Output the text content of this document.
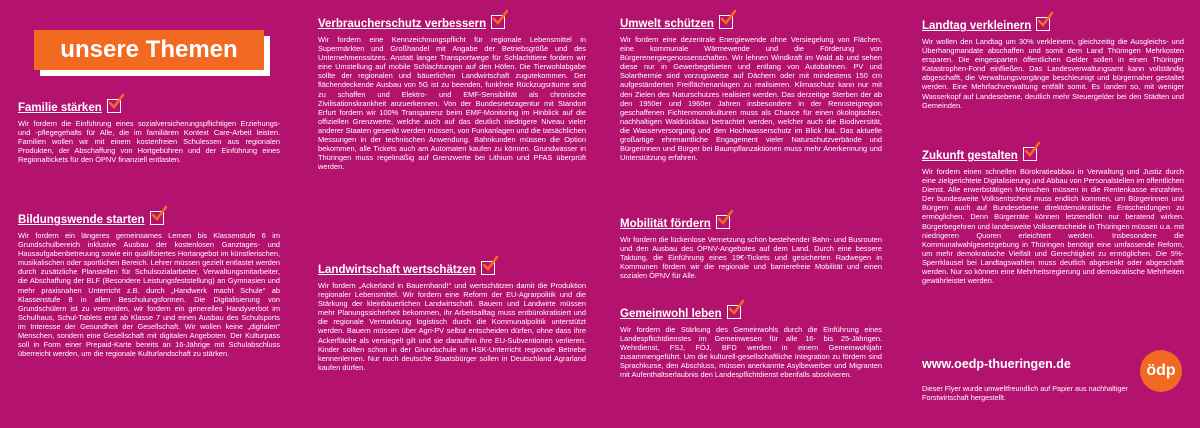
unsere Themen
Familie stärken
Wir fordern die Einführung eines sozialversicherungspflichtigen Erziehungs- und -pflegegehalts für Alle, die im familiären Kontext Care-Arbeit leisten. Familien wollen wir mit einem kostenfreien Schulessen aus regionalen Produkten, der Abschaffung von Hortgebühren und der Einführung eines Regionaltickets für den ÖPNV finanziell entlasten.
Bildungswende starten
Wir fordern ein längeres gemeinsames Lernen bis Klassenstufe 6 im Grundschulbereich inklusive Ausbau der kostenlosen Ganztages- und Hausaufgabenbetreuung sowie ein qualifiziertes Hortangebot im künstlerischen, musikalischen oder sportlichen Bereich. Lehrer müssen gezielt entlastet werden durch zusätzliche Planstellen für Schulsozialarbeiter, Verwaltungsmitarbeiter, die Abschaffung der BLF (Besondere Leistungsfeststellung) an Gymnasien und mehr praxisnahen Unterricht z.B. durch „Handwerk macht Schule“ ab Klassenstufe 8 in allen Beschulungsformen. Die Digitalisierung von Grundschülern ist zu vermeiden, wir fordern ein generelles Handyverbot im Schulhaus, Schul-Tablets erst ab Klasse 7 und einen Ausbau des Schulsports im Interesse der Gesundheit der Gesellschaft. Wir wollen keine „digitalen“ Menschen, sondern eine Gesellschaft mit digitalen Angeboten. Der Kulturpass soll in Form einer Prepaid-Karte bereits an 16-Jährige mit Schulabschluss überreicht werden, um die regionale Kulturlandschaft zu stärken.
Verbraucherschutz verbessern
Wir fordern eine Kennzeichnungspflicht für regionale Lebensmittel in Supermärkten und Großhandel mit Angabe der Betriebsgröße und des Unternehmenssitzes. Anstatt langer Transportwege für Schlachttiere fordern wir eine Umstellung auf mobile Schlachtungen auf den Höfen. Die Tierwohlabgabe sollte der regionalen und bäuerlichen Landwirtschaft zugutekommen. Der flächendeckende Ausbau von 5G ist zu beenden, funkfreie Rückzugsräume sind zu schaffen und Elektro- und EMF-Sensibilität als chronische Zivilisationskrankheit anzuerkennen. Von der Bundesnetzagentur mit Standort Erfurt fordern wir 100% Transparenz beim EMF-Monitoring im Hinblick auf die offiziellen Grenzwerte, welche auch auf das deutlich niedrigere Niveau vieler anderer Staaten gesenkt werden müssen, von Funkanlagen und die tatsächlichen Messungen in der technischen Anwendung. Bahnkunden müssen die Option bekommen, alle Tickets auch am Automaten kaufen zu können. Grundwasser in Thüringen muss regelmäßig auf Grenzwerte bei Lithium und PFAS überprüft werden.
Landwirtschaft wertschätzen
Wir fordern „Ackerland in Bauernhand!“ und wertschätzen damit die Produktion regionaler Lebensmittel. Wir fordern eine Reform der EU-Agrarpolitik und die Stärkung der kleinbäuerlichen Landwirtschaft. Bauern und Landwirte müssen mehr Planungssicherheit bekommen, ihr Arbeitsalltag muss entbürokratisiert und die regionale Vermarktung logistisch durch die Kommunalpolitik unterstützt werden. Bauern müssen über Agri-PV selbst entscheiden dürfen, ohne dass ihre Ackerfläche als versiegelt gilt und sie daraufhin ihre EU-Subventionen verlieren. Kinder sollten schon in der Grundschule im HSK-Unterricht regionale Betriebe kennenlernen. Nur noch deutsche Staatsbürger sollen in Deutschland Agrarland kaufen dürfen.
Umwelt schützen
Wir fordern eine dezentrale Energiewende ohne Versiegelung von Flächen, eine kommunale Wärmewende und die Förderung von Bürgerenergiegenossenschaften. Wir lehnen Windkraft im Wald ab und sehen diese nur in Gewerbegebieten und entlang von Autobahnen. PV und Solarthermie sind vorzugsweise auf Dächern oder mit mindestens 150 cm aufgeständerten Freiflächenanlagen zu realisieren. Klimaschutz kann nur mit den Zielen des Naturschutzes realisiert werden. Das derzeitige Sterben der ab den 1950er und 1960er Jahren insbesondere in der Rennsteigregion geschaffenen Fichtenmonokulturen muss als Chance für einen ökologischen, nachhaltigen Waldrückbau betrachtet werden, welcher auch die Biodiversität, die Wasserversorgung und den Hochwasserschutz im Blick hat. Das aktuelle großartige ehrenamtliche Engagement vieler Naturschutzverbände und Bürgerinnen und Bürger bei Baumpflanzaktionen muss mehr Anerkennung und Unterstützung erfahren.
Mobilität fördern
Wir fordern die lückenlose Vernetzung schon bestehender Bahn- und Busrouten und den Ausbau des ÖPNV-Angebotes auf dem Land. Durch eine bessere Taktung, die Einführung eines 19€-Tickets und gesicherten Radwegen in Kommunen fördern wir die regionale und barrierefreie Mobilität und einen sozialen ÖPNV für Alle.
Gemeinwohl leben
Wir fordern die Stärkung des Gemeinwohls durch die Einführung eines Landespflichtdienstes im Gemeinwesen für alle 16- bis 25-Jährigen. Wehrdienst, FSJ, FÖJ, BFD werden in einem Gemeinwohljahr zusammengeführt. Um die kulturell-gesellschaftliche Integration zu fördern sind Sprachkurse, den Abschluss, müssen anerkannte Asylbewerber und Migranten mit Aufenthaltserlaubnis den Landespflichtdienst ebenfalls absolvieren.
Landtag verkleinern
Wir wollen den Landtag um 30% verkleinern, gleichzeitig die Ausgleichs- und Überhangmandate abschaffen und somit dem Land Thüringen Mehrkosten ersparen. Die eingesparten öffentlichen Gelder sollen in einen Thüringer Katastrophen-Fond einfließen. Das Landesverwaltungsamt kann vollständig abgeschafft, die Verwaltungsvorgänge beschleunigt und bürgernaher gestaltet werden. Eine Mehrfachverwaltung entfällt somit. Es landen so, mit weniger Wasserkopf auf Landesebene, deutlich mehr Steuergelder bei den Städten und Gemeinden.
Zukunft gestalten
Wir fordern einen schnellen Bürokratieabbau in Verwaltung und Justiz durch eine zielgerichtete Digitalisierung und Abbau von Personalstellen im öffentlichen Dienst. Alle erwerbstätigen Menschen müssen in die Rentenkasse einzahlen. Der bundesweite Volksentscheid muss endlich kommen, um Bürgerinnen und Bürgern auch auf Bundesebene direktdemokratische Entscheidungen zu ermöglichen. Denn Bürgerräte können letztendlich nur beratend wirken. Bürgerbegehren und landesweite Volksentscheide in Thüringen müssen u.a. mit niedrigeren Quoren erleichtert werden. Insbesondere die Kommunalwahlgesetzgebung in Thüringen benötigt eine umfassende Reform, um mehr demokratische Vielfalt und Gerechtigkeit zu ermöglichen. Die 5%-Sperrklausel bei Landtagswahlen muss deutlich abgesenkt oder abgeschafft werden. Nur so können eine Mehrheitsregierung und demokratische Mehrheiten gewährleistet werden.
www.oedp-thueringen.de	ödp
Dieser Flyer wurde umweltfreundlich auf Papier aus nachhaltiger Forstwirtschaft hergestellt.
